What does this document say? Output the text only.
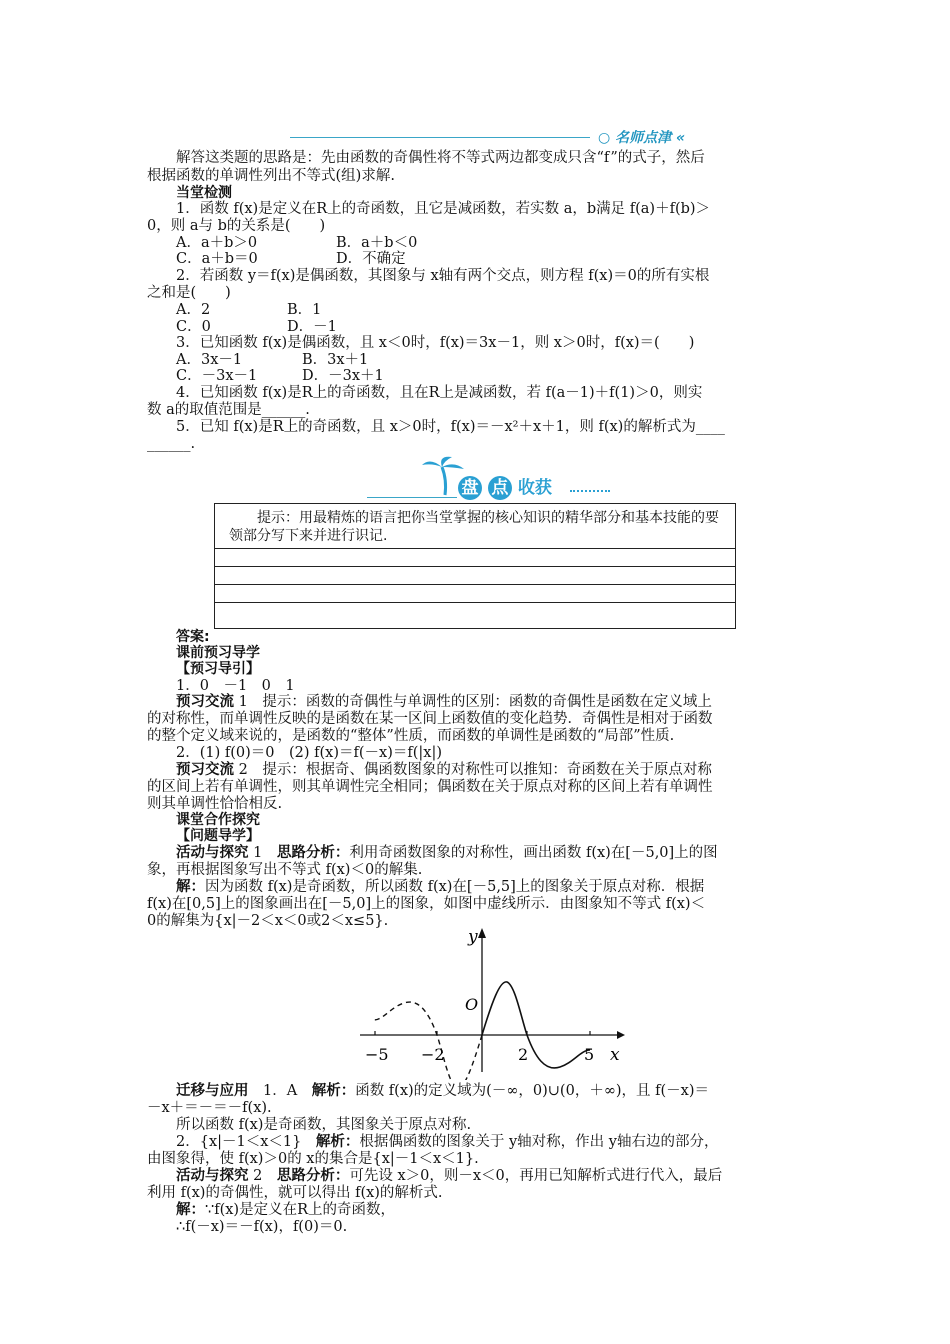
○ 名师点津 «
解答这类题的思路是：先由函数的奇偶性将不等式两边都变成只含“f”的式子，然后
根据函数的单调性列出不等式(组)求解.
当堂检测
1．函数 f(x)是定义在R上的奇函数，且它是减函数，若实数 a，b满足 f(a)＋f(b)＞
0，则 a与 b的关系是(　　)
A．a＋b＞0	B．a＋b＜0
C．a＋b＝0	D．不确定
2．若函数 y＝f(x)是偶函数，其图象与 x轴有两个交点，则方程 f(x)＝0的所有实根
之和是(　　)
A．2	B．1
C．0	D．－1
3．已知函数 f(x)是偶函数，且 x＜0时，f(x)＝3x－1，则 x＞0时，f(x)＝(　　)
A．3x－1	B．3x＋1
C．－3x－1	D．－3x＋1
4．已知函数 f(x)是R上的奇函数，且在R上是减函数，若 f(a－1)＋f(1)＞0，则实
数 a的取值范围是______.
5．已知 f(x)是R上的奇函数，且 x＞0时，f(x)＝－x²＋x＋1，则 f(x)的解析式为____
______.
盘 点 收获
提示：用最精炼的语言把你当堂掌握的核心知识的精华部分和基本技能的要领部分写下来并进行识记.
答案:
课前预习导学
【预习导引】
1．0　－1　0　1
预习交流 1　 提示：函数的奇偶性与单调性的区别：函数的奇偶性是函数在定义域上
的对称性，而单调性反映的是函数在某一区间上函数值的变化趋势．奇偶性是相对于函数
的整个定义域来说的，是函数的“整体”性质，而函数的单调性是函数的“局部”性质.
2．(1) f(0)＝0　(2) f(x)＝f(－x)＝f(|x|)
预习交流 2　 提示：根据奇、偶函数图象的对称性可以推知：奇函数在关于原点对称
的区间上若有单调性，则其单调性完全相同；偶函数在关于原点对称的区间上若有单调性
则其单调性恰恰相反.
课堂合作探究
【问题导学】
活动与探究 1　 思路分析：利用奇函数图象的对称性，画出函数 f(x)在[－5,0]上的图
象，再根据图象写出不等式 f(x)＜0的解集.
解：因为函数 f(x)是奇函数，所以函数 f(x)在[－5,5]上的图象关于原点对称．根据
f(x)在[0,5]上的图象画出在[－5,0]上的图象，如图中虚线所示．由图象知不等式 f(x)＜
0的解集为{x|－2＜x＜0或2＜x≤5}.
y
x
O
−5 −2	2	5
迁移与应用　 1．A　 解析：函数 f(x)的定义域为(－∞，0)∪(0，＋∞)，且 f(－x)＝
－x＋＝－＝－f(x).
所以函数 f(x)是奇函数，其图象关于原点对称.
2．{x|－1＜x＜1}　 解析：根据偶函数的图象关于 y轴对称，作出 y轴右边的部分，
由图象得，使 f(x)＞0的 x的集合是{x|－1＜x＜1}.
活动与探究 2　 思路分析：可先设 x＞0，则－x＜0，再用已知解析式进行代入，最后
利用 f(x)的奇偶性，就可以得出 f(x)的解析式.
解：∵f(x)是定义在R上的奇函数，
∴f(－x)＝－f(x)，f(0)＝0.
